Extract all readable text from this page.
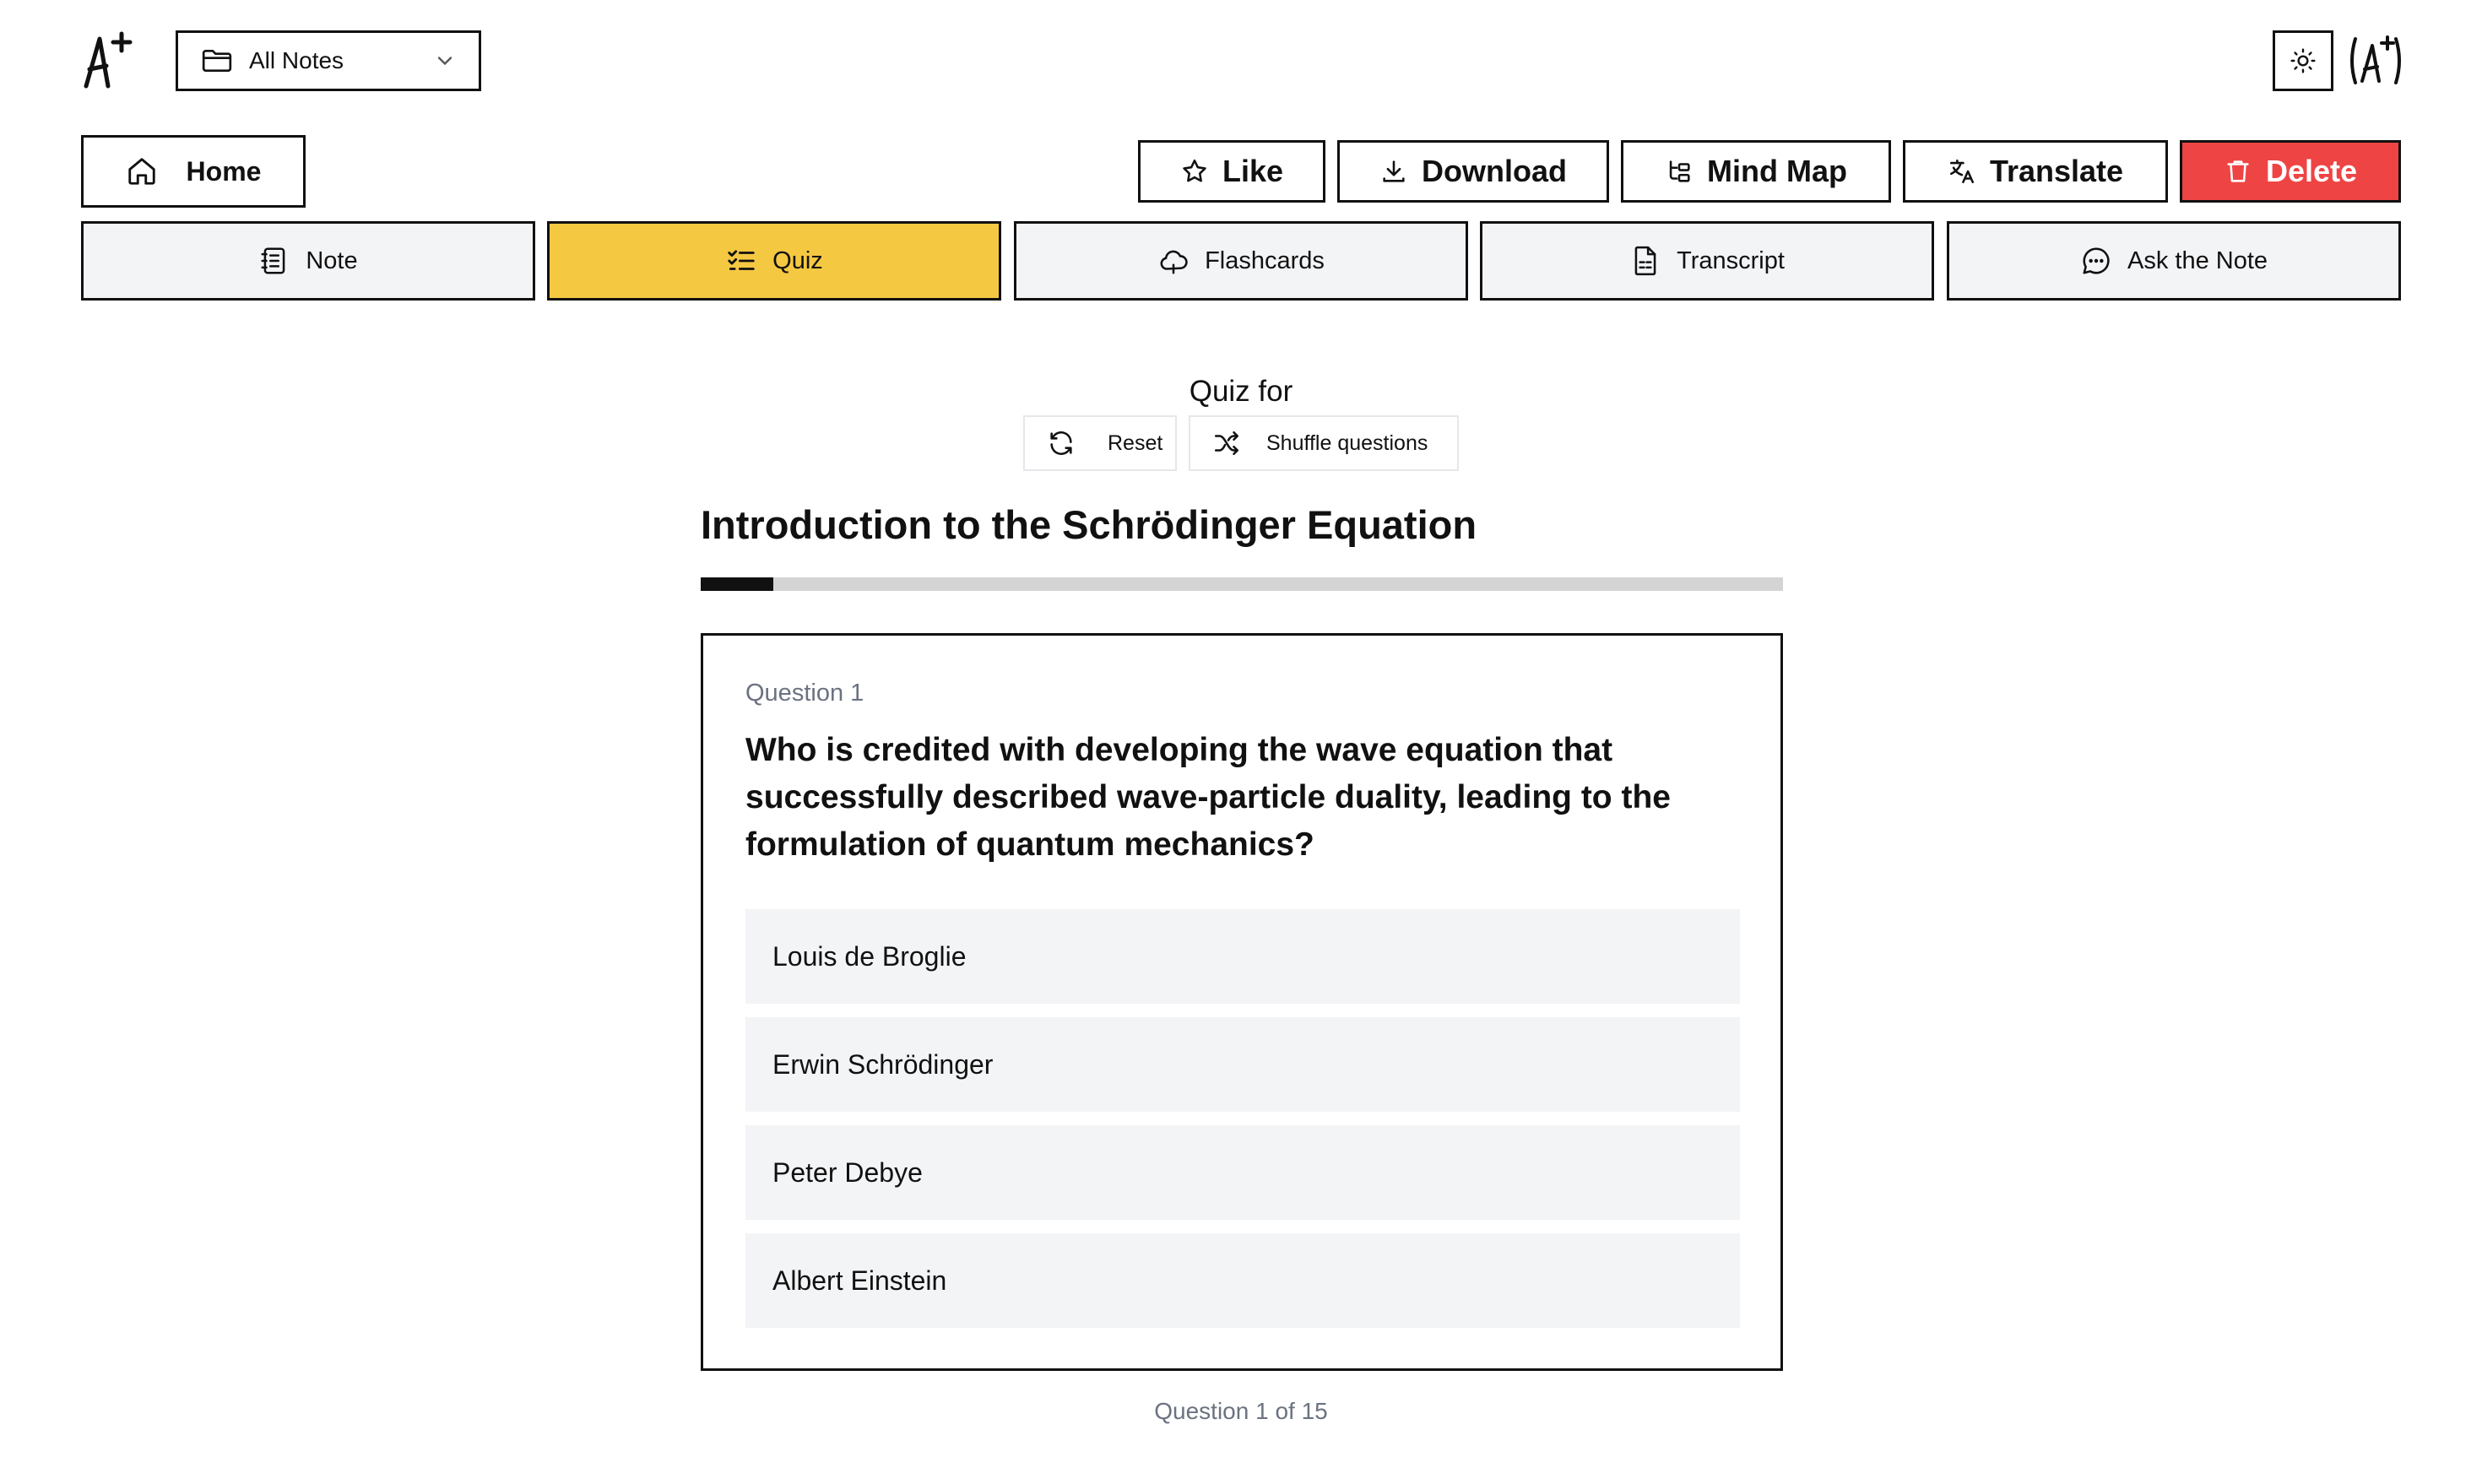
All Notes
Home	Like	Download	Mind Map	Translate	Delete
Note	Quiz	Flashcards	Transcript	Ask the Note
Quiz for
Reset	Shuffle questions
Introduction to the Schrödinger Equation
Question 1
Who is credited with developing the wave equation that successfully described wave-particle duality, leading to the formulation of quantum mechanics?
Louis de Broglie
Erwin Schrödinger
Peter Debye
Albert Einstein
Question 1 of 15
